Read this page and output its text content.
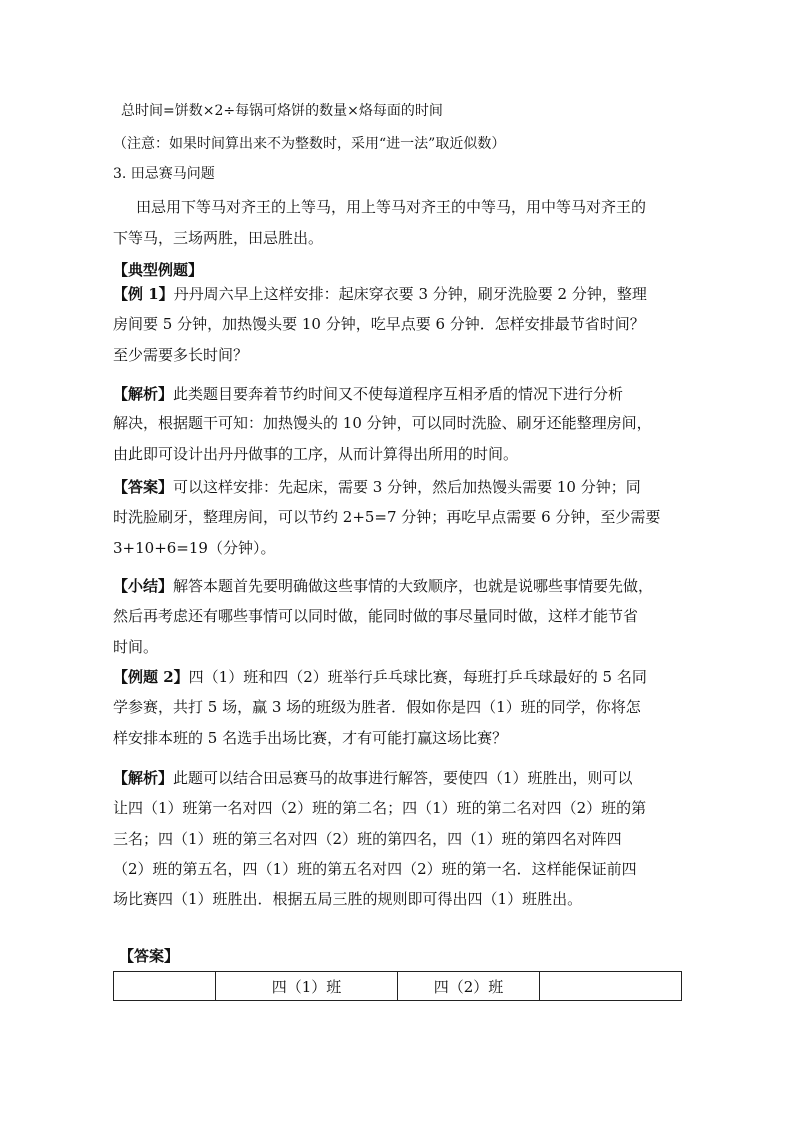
总时间=饼数×2÷每锅可烙饼的数量×烙每面的时间
（注意：如果时间算出来不为整数时，采用“进一法”取近似数）
3. 田忌赛马问题
田忌用下等马对齐王的上等马，用上等马对齐王的中等马，用中等马对齐王的
下等马，三场两胜，田忌胜出。
【典型例题】
【例 1】丹丹周六早上这样安排：起床穿衣要 3 分钟，刷牙洗脸要 2 分钟，整理
房间要 5 分钟，加热馒头要 10 分钟，吃早点要 6 分钟．怎样安排最节省时间？
至少需要多长时间？
【解析】此类题目要奔着节约时间又不使每道程序互相矛盾的情况下进行分析
解决，根据题干可知：加热馒头的 10 分钟，可以同时洗脸、刷牙还能整理房间，
由此即可设计出丹丹做事的工序，从而计算得出所用的时间。
【答案】可以这样安排：先起床，需要 3 分钟，然后加热馒头需要 10 分钟；同
时洗脸刷牙，整理房间，可以节约 2+5=7 分钟；再吃早点需要 6 分钟，至少需要
3+10+6=19（分钟）。
【小结】解答本题首先要明确做这些事情的大致顺序，也就是说哪些事情要先做，
然后再考虑还有哪些事情可以同时做，能同时做的事尽量同时做，这样才能节省
时间。
【例题 2】四（1）班和四（2）班举行乒乓球比赛，每班打乒乓球最好的 5 名同
学参赛，共打 5 场，赢 3 场的班级为胜者．假如你是四（1）班的同学，你将怎
样安排本班的 5 名选手出场比赛，才有可能打赢这场比赛？
【解析】此题可以结合田忌赛马的故事进行解答，要使四（1）班胜出，则可以
让四（1）班第一名对四（2）班的第二名；四（1）班的第二名对四（2）班的第
三名；四（1）班的第三名对四（2）班的第四名，四（1）班的第四名对阵四
（2）班的第五名，四（1）班的第五名对四（2）班的第一名．这样能保证前四
场比赛四（1）班胜出．根据五局三胜的规则即可得出四（1）班胜出。
【答案】
	四（1）班	四（2）班	
